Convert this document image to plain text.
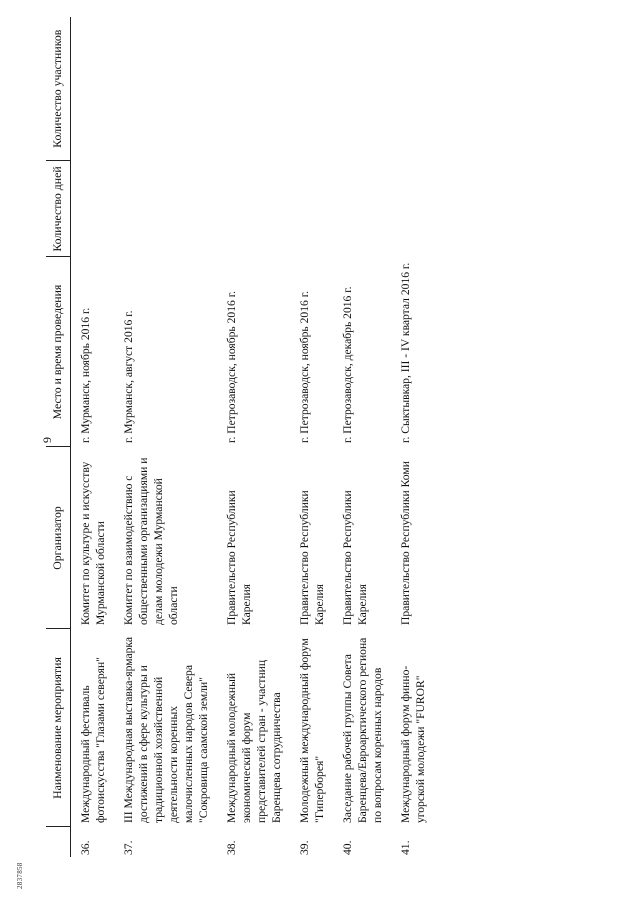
9
	Наименование мероприятия	Организатор	Место и время проведения	Количество дней	Количество участников
36.	Международный фестиваль фотоискусства "Глазами северян"	Комитет по культуре и искусству Мурманской области	г. Мурманск, ноябрь 2016 г.		
37.	III Международная выставка-ярмарка достижений в сфере культуры и традиционной хозяйственной деятельности коренных малочисленных народов Севера "Сокровища саамской земли"	Комитет по взаимодействию с общественными организациями и делам молодежи Мурманской области	г. Мурманск, август 2016 г.		
38.	Международный молодежный экономический форум представителей стран - участниц Баренцева сотрудничества	Правительство Республики Карелия	г. Петрозаводск, ноябрь 2016 г.		
39.	Молодежный международный форум "Гиперборея"	Правительство Республики Карелия	г. Петрозаводск, ноябрь 2016 г.		
40.	Заседание рабочей группы Совета Баренцева/Евроарктического региона по вопросам коренных народов	Правительство Республики Карелия	г. Петрозаводск, декабрь 2016 г.		
41.	Международный форум финно-угорской молодежи "FUROR"	Правительство Республики Коми	г. Сыктывкар, III - IV квартал 2016 г.		
2837858
